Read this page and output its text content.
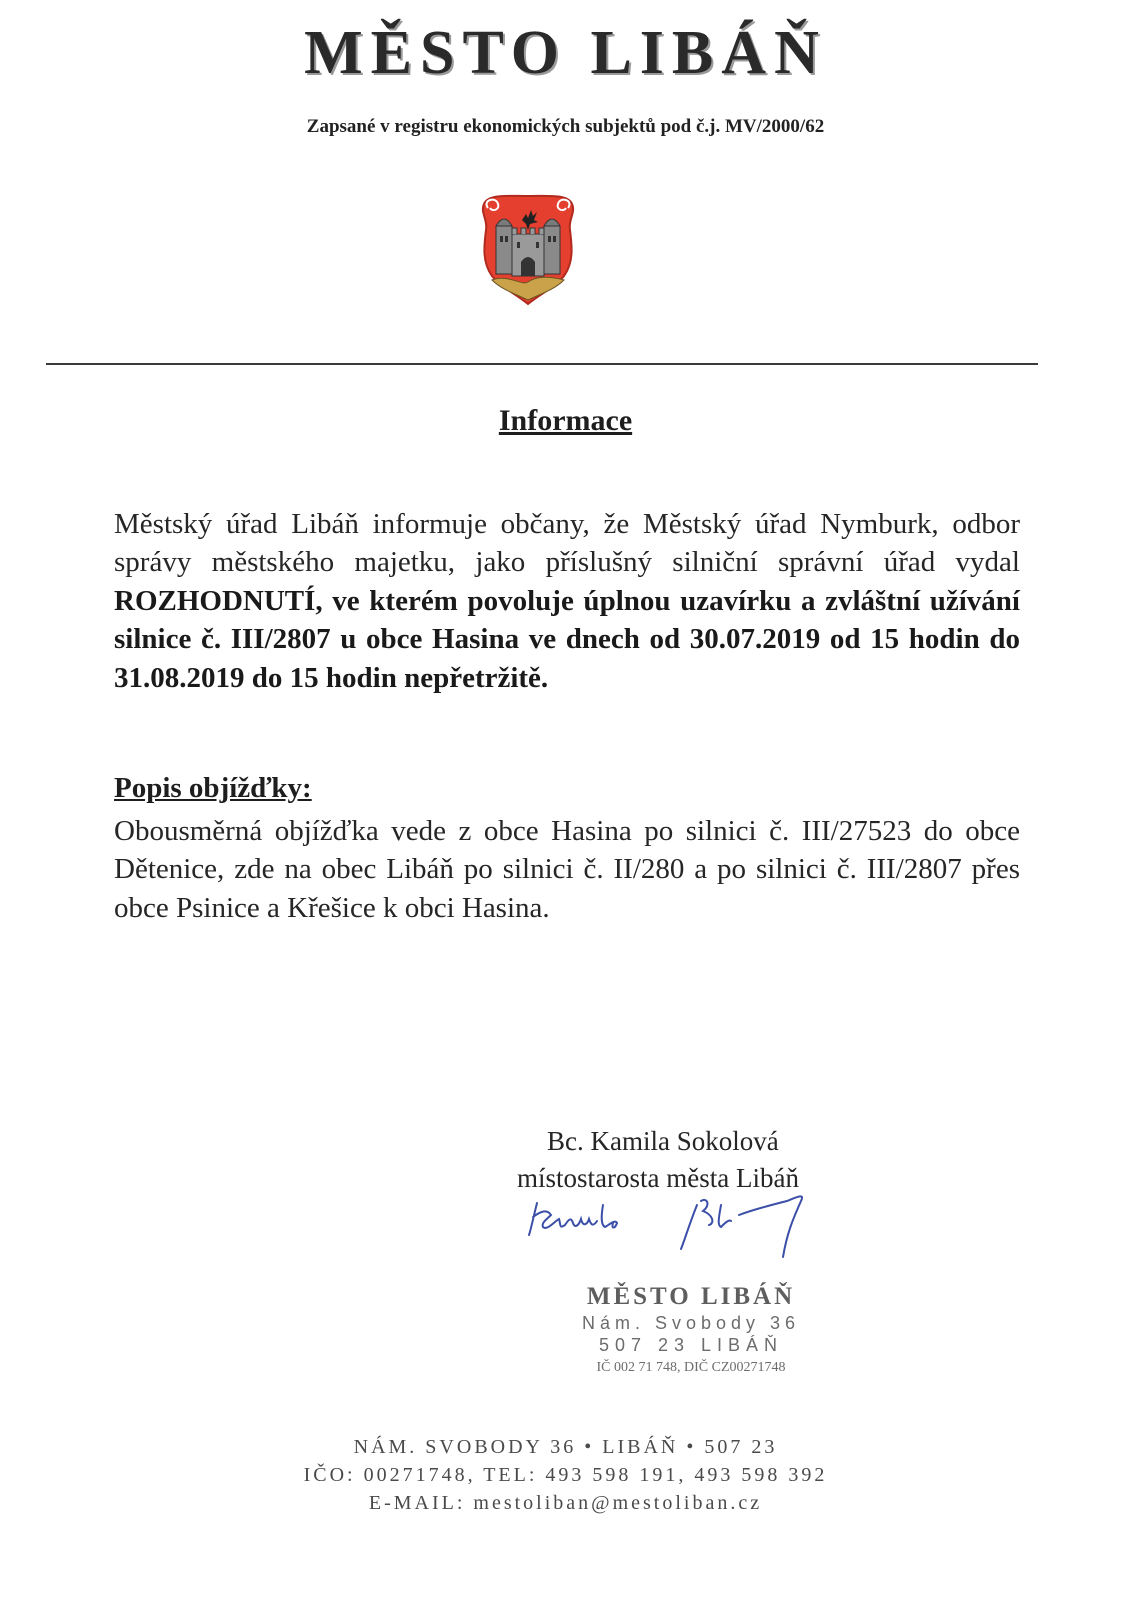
MĚSTO LIBÁŇ
Zapsané v registru ekonomických subjektů pod č.j. MV/2000/62
Informace
Městský úřad Libáň informuje občany, že Městský úřad Nymburk, odbor správy městského majetku, jako příslušný silniční správní úřad vydal ROZHODNUTÍ, ve kterém povoluje úplnou uzavírku a zvláštní užívání silnice č. III/2807 u obce Hasina ve dnech od 30.07.2019 od 15 hodin do 31.08.2019 do 15 hodin nepřetržitě.
Popis objížďky:
Obousměrná objížďka vede z obce Hasina po silnici č. III/27523 do obce Dětenice, zde na obec Libáň po silnici č. II/280 a po silnici č. III/2807 přes obce Psinice a Křešice k obci Hasina.
Bc. Kamila Sokolová
místostarosta města Libáň
MĚSTO LIBÁŇ
Nám. Svobody 36
507 23 LIBÁŇ
IČ 002 71 748, DIČ CZ00271748
NÁM. SVOBODY 36 • LIBÁŇ • 507 23
IČO: 00271748, TEL: 493 598 191, 493 598 392
E-MAIL: mestoliban@mestoliban.cz
